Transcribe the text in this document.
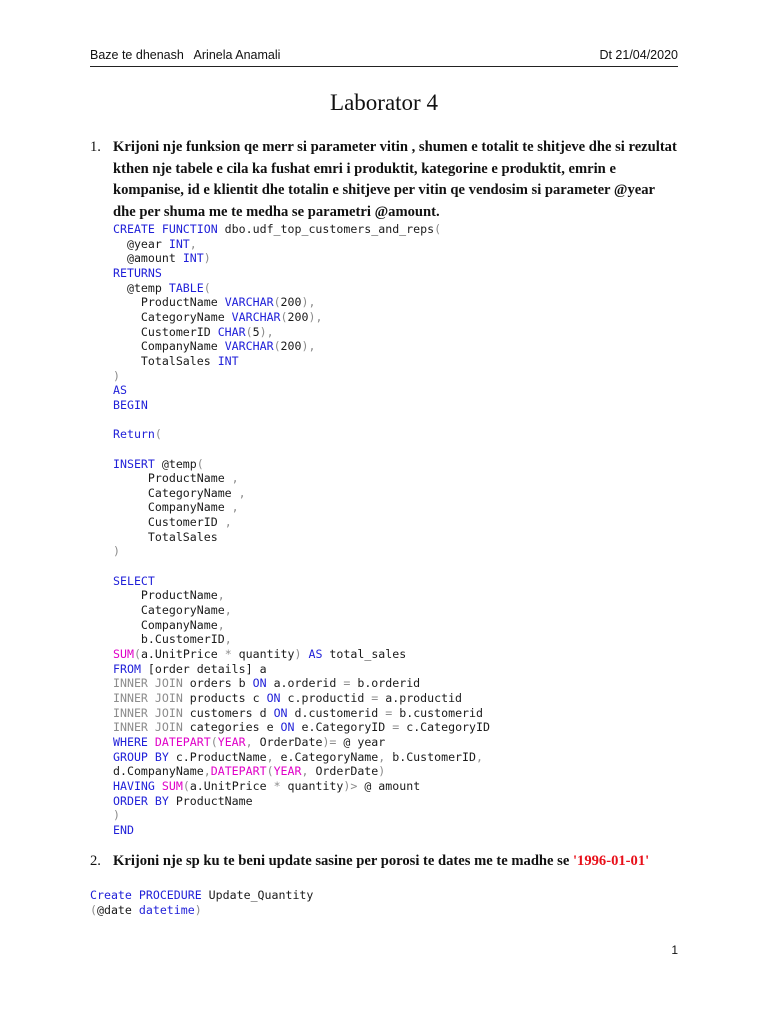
Baze te dhenash   Arinela Anamali	Dt 21/04/2020
Laborator 4
1. Krijoni nje funksion qe merr si parameter vitin , shumen e totalit te shitjeve dhe si rezultat kthen nje tabele e cila ka fushat emri i produktit, kategorine e produktit, emrin e kompanise, id e klientit dhe totalin e shitjeve per vitin qe vendosim si parameter @year dhe per shuma me te medha se parametri @amount.
CREATE FUNCTION dbo.udf_top_customers_and_reps(
@year INT,
@amount INT)
RETURNS
@temp TABLE(
ProductName VARCHAR(200),
CategoryName VARCHAR(200),
CustomerID CHAR(5),
CompanyName VARCHAR(200),
TotalSales INT
)
AS
BEGIN

Return(

INSERT @temp(
ProductName ,
CategoryName ,
CompanyName ,
CustomerID ,
TotalSales
)

SELECT
ProductName,
CategoryName,
CompanyName,
b.CustomerID,
SUM(a.UnitPrice * quantity) AS total_sales
FROM [order details] a
INNER JOIN orders b ON a.orderid = b.orderid
INNER JOIN products c ON c.productid = a.productid
INNER JOIN customers d ON d.customerid = b.customerid
INNER JOIN categories e ON e.CategoryID = c.CategoryID
WHERE DATEPART(YEAR, OrderDate)= @ year
GROUP BY c.ProductName, e.CategoryName, b.CustomerID,
d.CompanyName,DATEPART(YEAR, OrderDate)
HAVING SUM(a.UnitPrice * quantity)> @ amount
ORDER BY ProductName
)
END
2. Krijoni nje sp ku te beni update sasine per porosi te dates me te madhe se '1996-01-01'
Create PROCEDURE Update_Quantity
(@date datetime)
1
